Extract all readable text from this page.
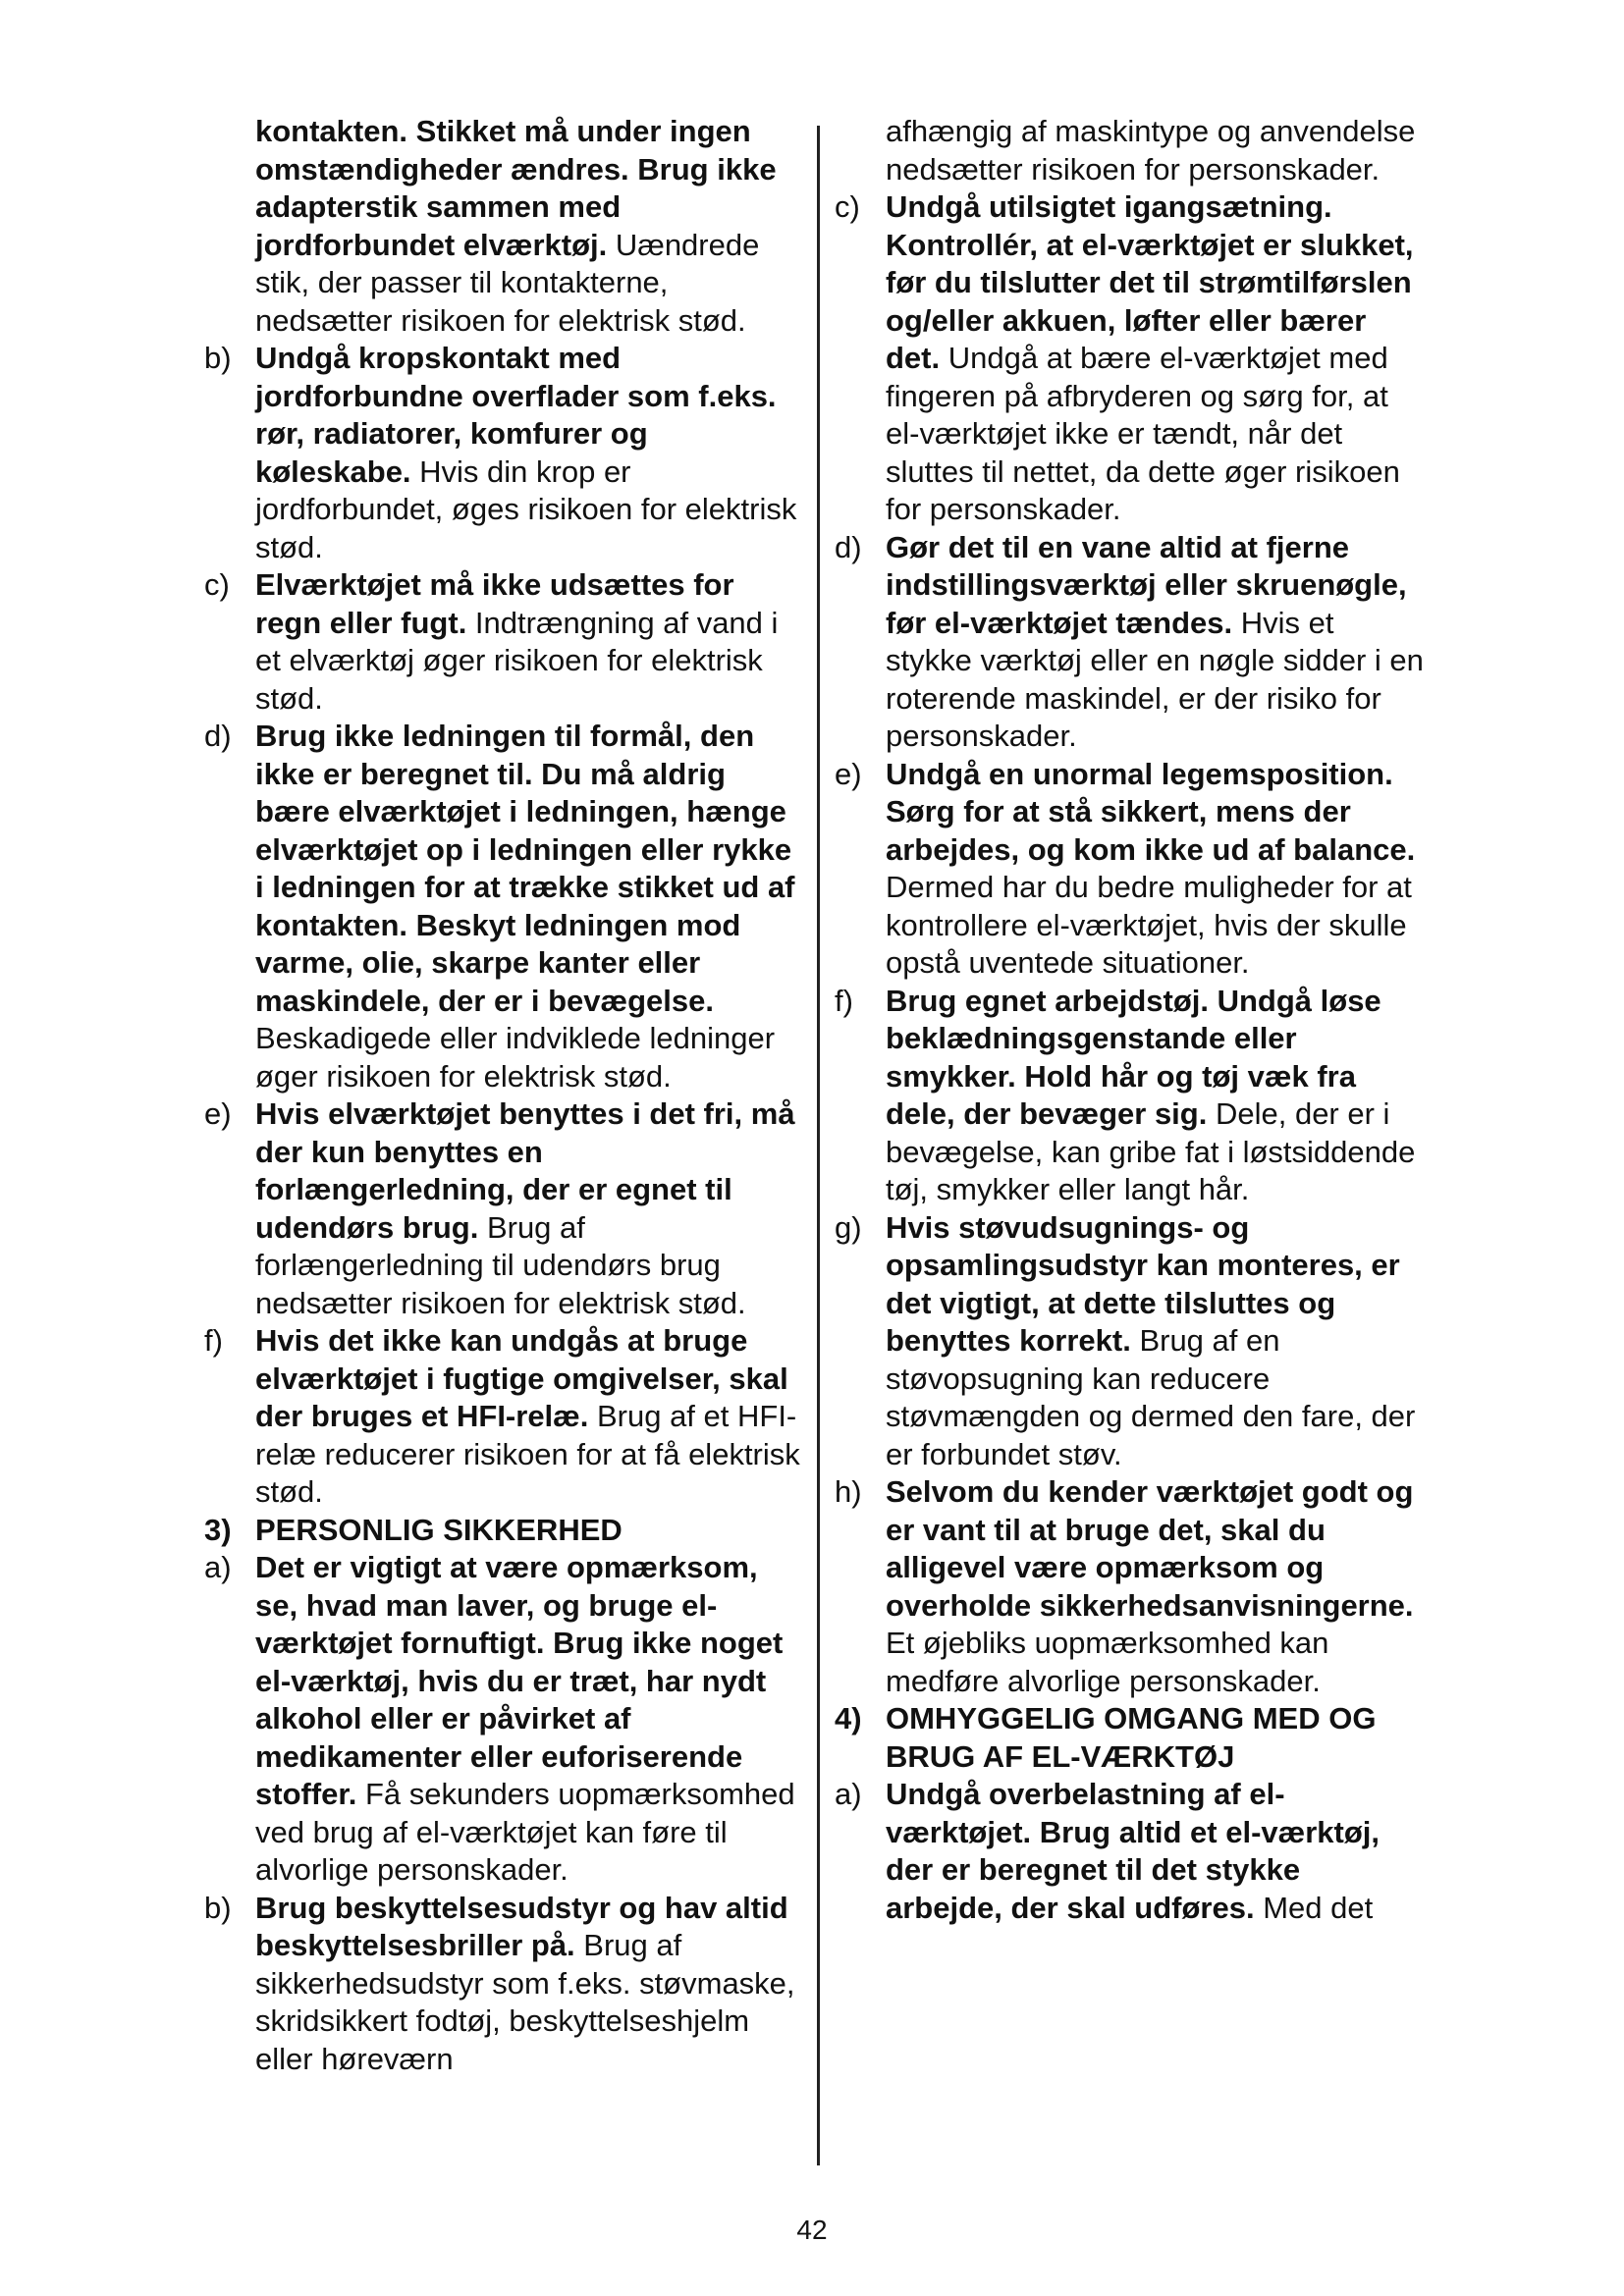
kontakten. Stikket må under ingen omstændigheder ændres. Brug ikke adapterstik sammen med jordforbundet elværktøj. Uændrede stik, der passer til kontakterne, nedsætter risikoen for elektrisk stød.

b) Undgå kropskontakt med jordforbundne overflader som f.eks. rør, radiatorer, komfurer og køleskabe. Hvis din krop er jordforbundet, øges risikoen for elektrisk stød.
c) Elværktøjet må ikke udsættes for regn eller fugt. Indtrængning af vand i et elværktøj øger risikoen for elektrisk stød.
d) Brug ikke ledningen til formål, den ikke er beregnet til. Du må aldrig bære elværktøjet i ledningen, hænge elværktøjet op i ledningen eller rykke i ledningen for at trække stikket ud af kontakten. Beskyt ledningen mod varme, olie, skarpe kanter eller maskindele, der er i bevægelse. Beskadigede eller indviklede ledninger øger risikoen for elektrisk stød.
e) Hvis elværktøjet benyttes i det fri, må der kun benyttes en forlængerledning, der er egnet til udendørs brug. Brug af forlængerledning til udendørs brug nedsætter risikoen for elektrisk stød.
f)	Hvis det ikke kan undgås at bruge elværktøjet i fugtige omgivelser, skal der bruges et HFI-relæ. Brug af et HFI-relæ reducerer risikoen for at få elektrisk stød.
3) PERSONLIG SIKKERHED
a) Det er vigtigt at være opmærksom, se, hvad man laver, og bruge el-værktøjet fornuftigt. Brug ikke noget el-værktøj, hvis du er træt, har nydt alkohol eller er påvirket af medikamenter eller euforiserende stoffer. Få sekunders uopmærksomhed ved brug af el-værktøjet kan føre til alvorlige personskader.
b) Brug beskyttelsesudstyr og hav altid beskyttelsesbriller på. Brug af sikkerhedsudstyr som f.eks. støvmaske, skridsikkert fodtøj, beskyttelseshjelm eller høreværn

afhængig af maskintype og anvendelse nedsætter risikoen for personskader.

c) Undgå utilsigtet igangsætning. Kontrollér, at el-værktøjet er slukket, før du tilslutter det til strømtilførslen og/eller akkuen, løfter eller bærer det. Undgå at bære el-værktøjet med fingeren på afbryderen og sørg for, at el-værktøjet ikke er tændt, når det sluttes til nettet, da dette øger risikoen for personskader.
d) Gør det til en vane altid at fjerne indstillingsværktøj eller skruenøgle, før el-værktøjet tændes. Hvis et stykke værktøj eller en nøgle sidder i en roterende maskindel, er der risiko for personskader.
e) Undgå en unormal legemsposition. Sørg for at stå sikkert, mens der arbejdes, og kom ikke ud af balance. Dermed har du bedre muligheder for at kontrollere el-værktøjet, hvis der skulle opstå uventede situationer.
f)	Brug egnet arbejdstøj. Undgå løse beklædningsgenstande eller smykker. Hold hår og tøj væk fra dele, der bevæger sig. Dele, der er i bevægelse, kan gribe fat i løstsiddende tøj, smykker eller langt hår.
g) Hvis støvudsugnings- og opsamlingsudstyr kan monteres, er det vigtigt, at dette tilsluttes og benyttes korrekt. Brug af en støvopsugning kan reducere støvmængden og dermed den fare, der er forbundet støv.
h) Selvom du kender værktøjet godt og er vant til at bruge det, skal du alligevel være opmærksom og overholde sikkerhedsanvisningerne. Et øjebliks uopmærksomhed kan medføre alvorlige personskader.
4) OMHYGGELIG OMGANG MED OG BRUG AF EL-VÆRKTØJ
a) Undgå overbelastning af el-værktøjet. Brug altid et el-værktøj, der er beregnet til det stykke arbejde, der skal udføres. Med det
42
